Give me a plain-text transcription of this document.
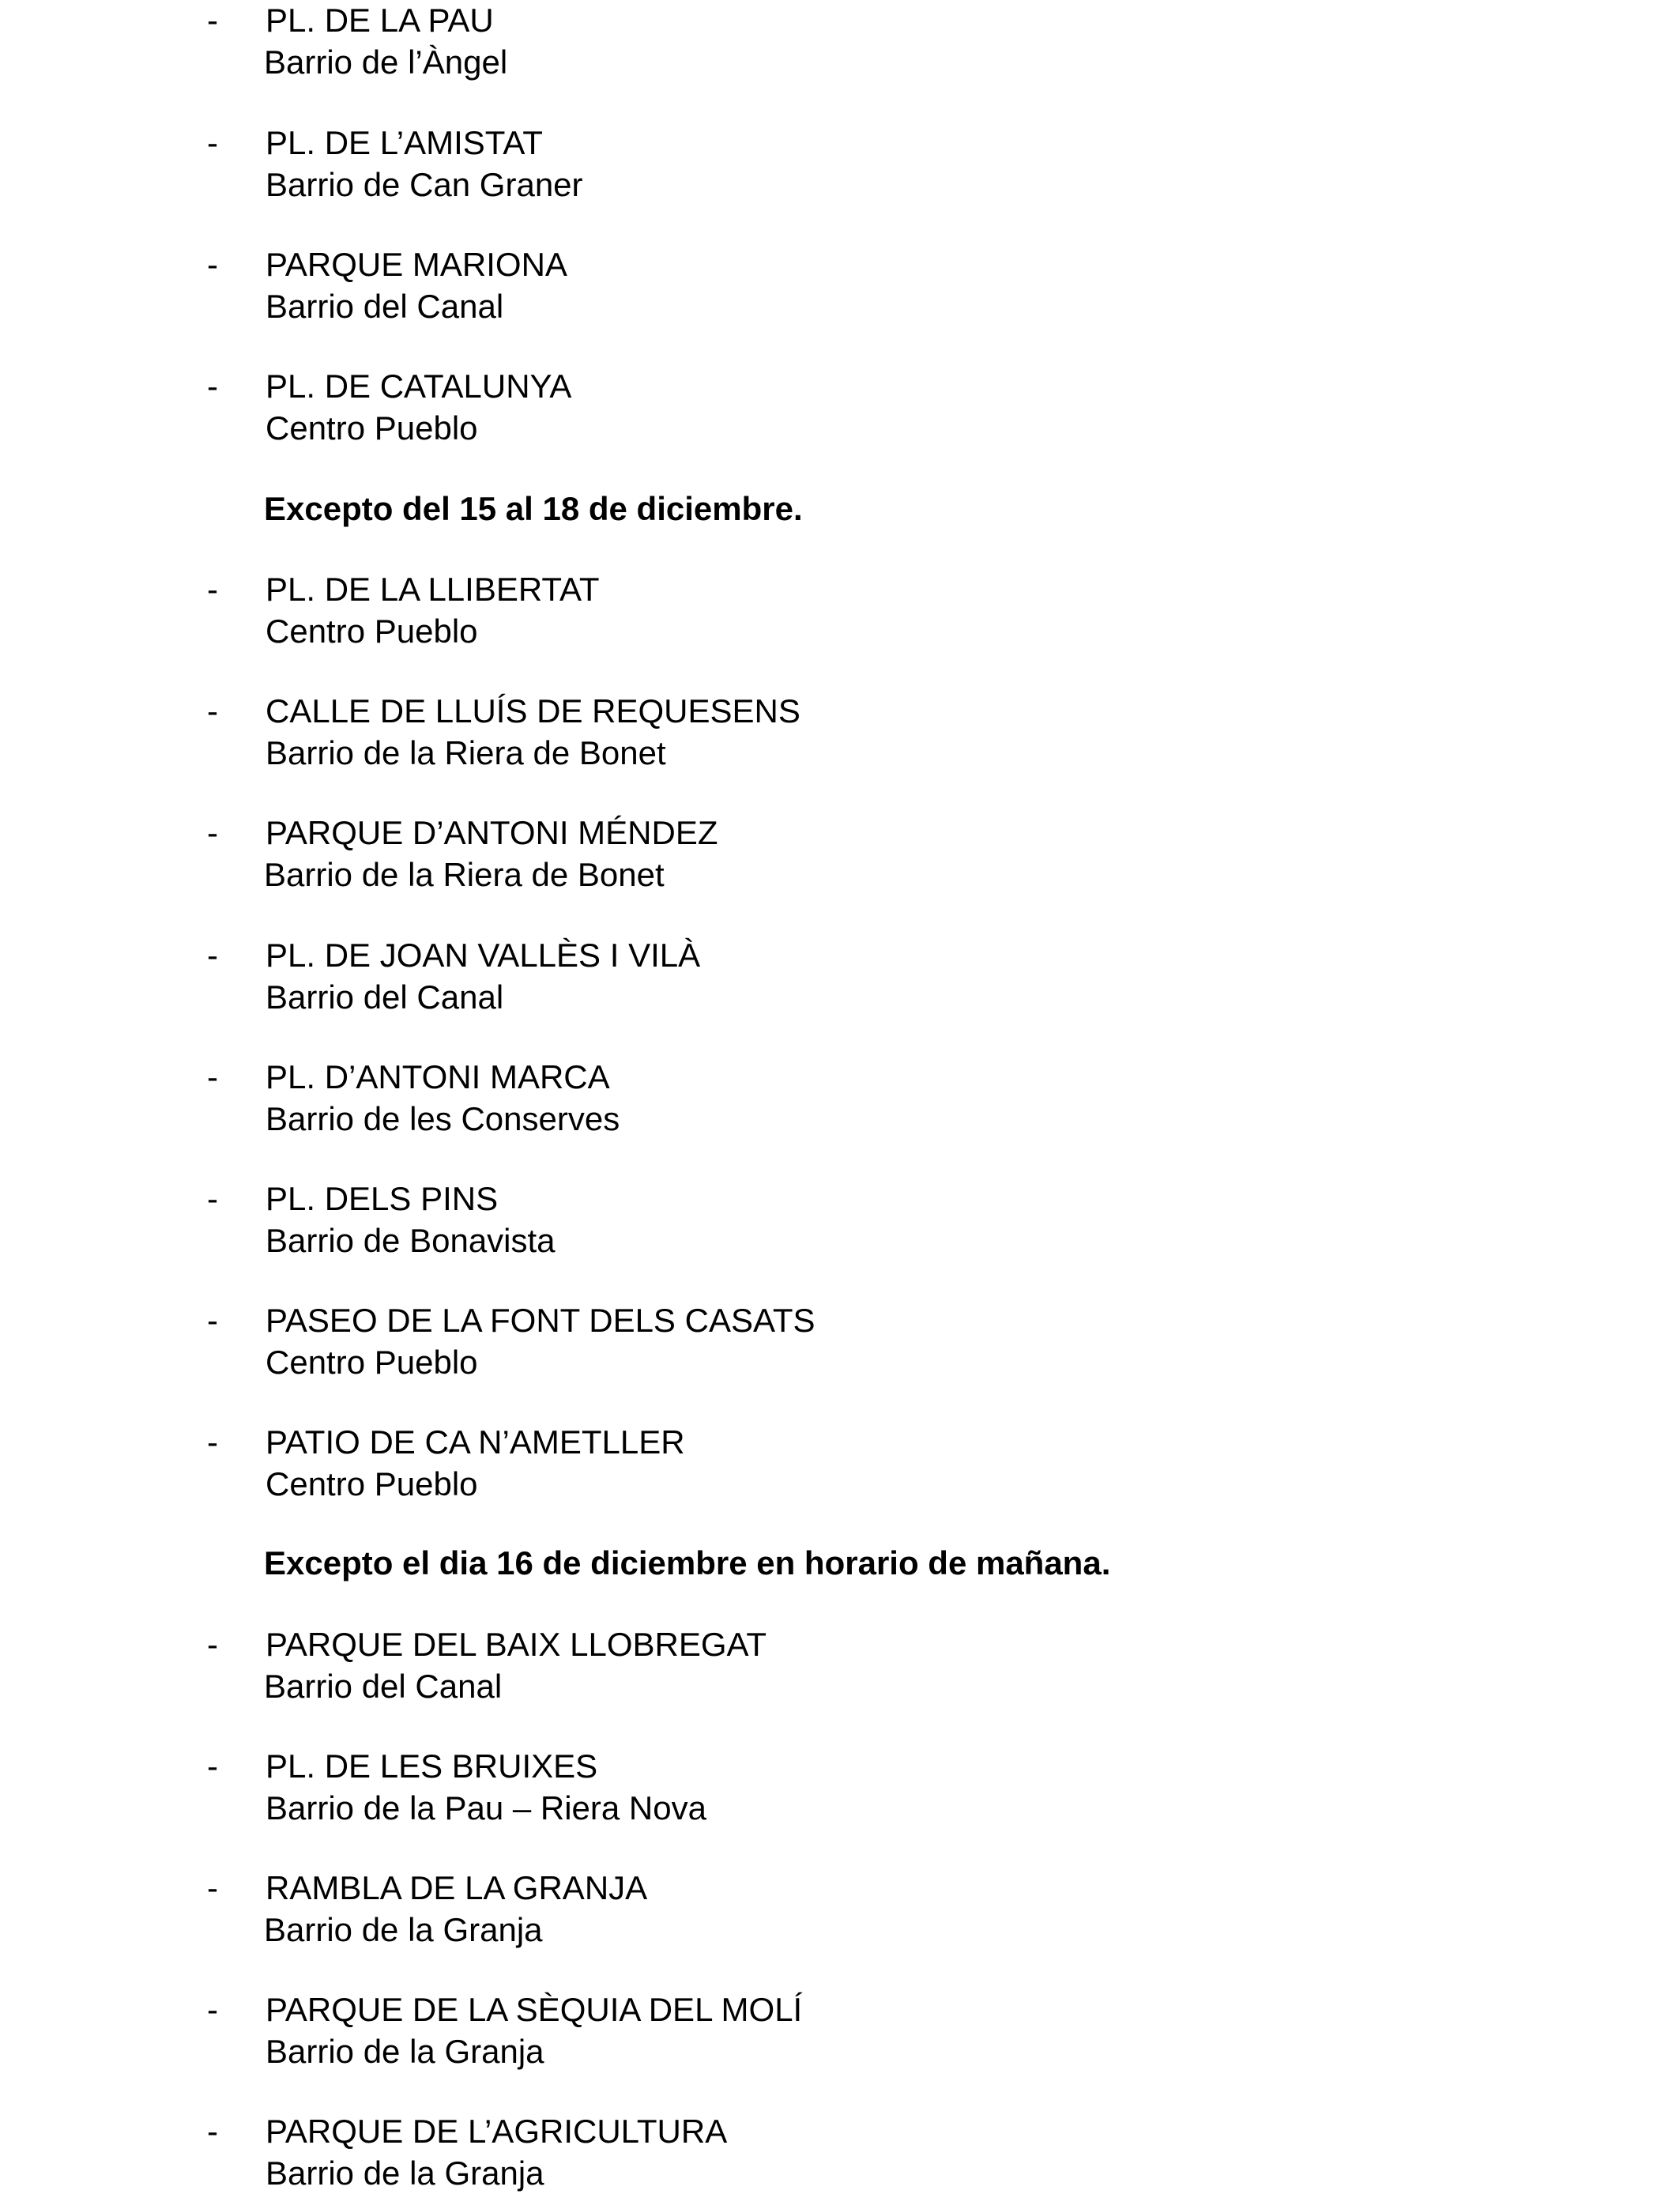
- PL. DE LA PAU
Barrio de l’Àngel
- PL. DE L’AMISTAT
Barrio de Can Graner
- PARQUE MARIONA
Barrio del Canal
- PL. DE CATALUNYA
Centro Pueblo
Excepto del 15 al 18 de diciembre.
- PL. DE LA LLIBERTAT
Centro Pueblo
- CALLE DE LLUÍS DE REQUESENS
Barrio de la Riera de Bonet
- PARQUE D’ANTONI MÉNDEZ
Barrio de la Riera de Bonet
- PL. DE JOAN VALLÈS I VILÀ
Barrio del Canal
- PL. D’ANTONI MARCA
Barrio de les Conserves
- PL. DELS PINS
Barrio de Bonavista
- PASEO DE LA FONT DELS CASATS
Centro Pueblo
- PATIO DE CA N’AMETLLER
Centro Pueblo
Excepto el dia 16 de diciembre en horario de mañana.
- PARQUE DEL BAIX LLOBREGAT
Barrio del Canal
- PL. DE LES BRUIXES
Barrio de la Pau – Riera Nova
- RAMBLA DE LA GRANJA
Barrio de la Granja
- PARQUE DE LA SÈQUIA DEL MOLÍ
Barrio de la Granja
- PARQUE DE L’AGRICULTURA
Barrio de la Granja
